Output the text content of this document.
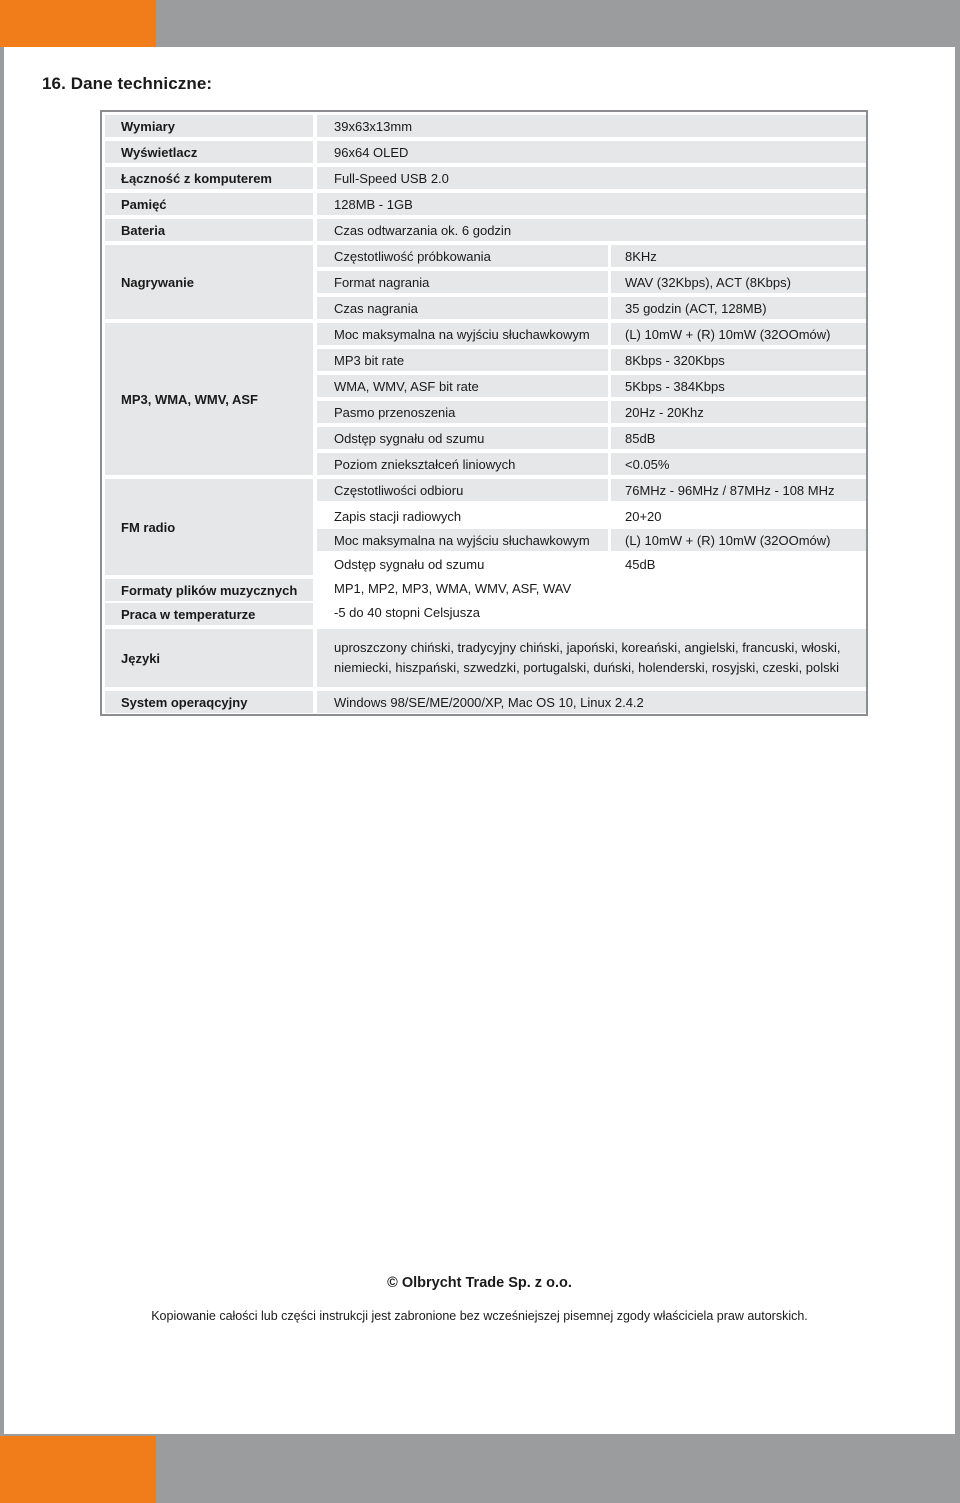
16. Dane techniczne:
Wymiary	39x63x13mm
Wyświetlacz	96x64 OLED
Łączność z komputerem	Full-Speed USB 2.0
Pamięć	128MB - 1GB
Bateria	Czas odtwarzania ok. 6 godzin
Nagrywanie
Częstotliwość próbkowania	8KHz
Format nagrania	WAV (32Kbps), ACT (8Kbps)
Czas nagrania	35 godzin (ACT, 128MB)
MP3, WMA, WMV, ASF
Moc maksymalna na wyjściu słuchawkowym	(L) 10mW + (R) 10mW (32OOmów)
MP3 bit rate	8Kbps - 320Kbps
WMA, WMV, ASF bit rate	5Kbps - 384Kbps
Pasmo przenoszenia	20Hz - 20Khz
Odstęp sygnału od szumu	85dB
Poziom zniekształceń liniowych	<0.05%
FM radio
Częstotliwości odbioru	76MHz - 96MHz / 87MHz - 108 MHz
Zapis stacji radiowych	20+20
Moc maksymalna na wyjściu słuchawkowym	(L) 10mW + (R) 10mW (32OOmów)
Odstęp sygnału od szumu	45dB
Formaty plików muzycznych	MP1, MP2, MP3, WMA, WMV, ASF, WAV
Praca w temperaturze	-5 do 40 stopni Celsjusza
Języki
uproszczony chiński, tradycyjny chiński, japoński, koreański, angielski, francuski, włoski, niemiecki, hiszpański, szwedzki, portugalski, duński, holenderski, rosyjski, czeski, polski
System operaqcyjny	Windows 98/SE/ME/2000/XP, Mac OS 10, Linux 2.4.2
© Olbrycht Trade Sp. z o.o.
Kopiowanie całości lub części instrukcji jest zabronione bez wcześniejszej pisemnej zgody właściciela praw autorskich.
